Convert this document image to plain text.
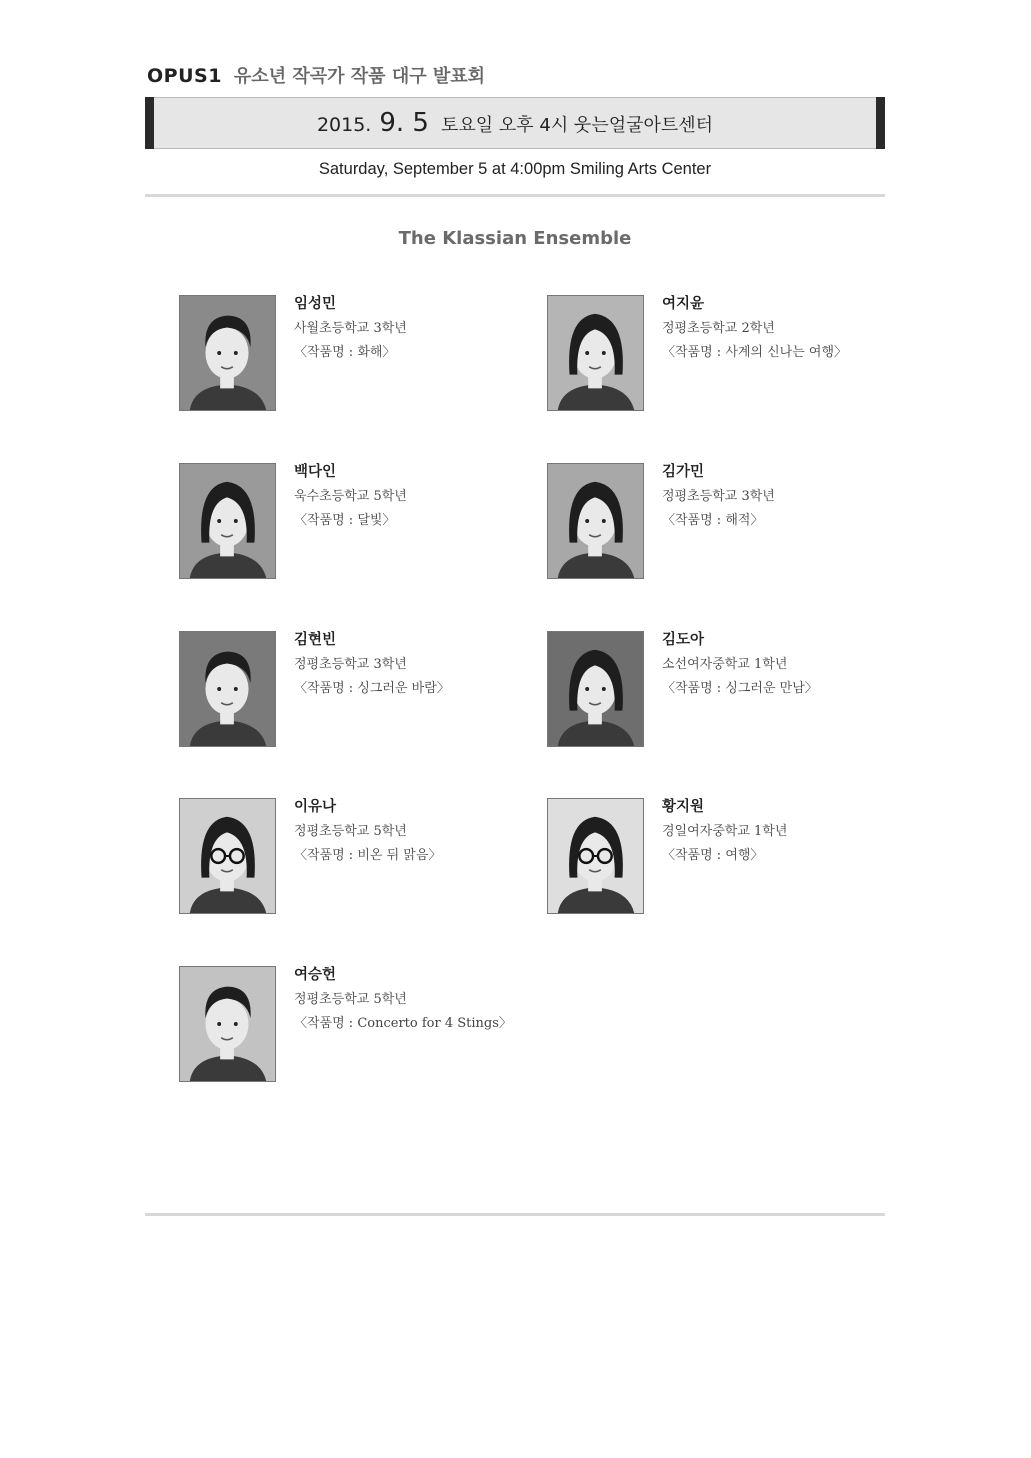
OPUS1 유소년 작곡가 작품 대구 발표회
2015. 9. 5 토요일 오후 4시 웃는얼굴아트센터
Saturday, September 5 at 4:00pm Smiling Arts Center
The Klassian Ensemble
임성민
사월초등학교 3학년
〈작품명 : 화해〉
여지윤
정평초등학교 2학년
〈작품명 : 사계의 신나는 여행〉
백다인
욱수초등학교 5학년
〈작품명 : 달빛〉
김가민
정평초등학교 3학년
〈작품명 : 해적〉
김현빈
정평초등학교 3학년
〈작품명 : 싱그러운 바람〉
김도아
소선여자중학교 1학년
〈작품명 : 싱그러운 만남〉
이유나
정평초등학교 5학년
〈작품명 : 비온 뒤 맑음〉
황지원
경일여자중학교 1학년
〈작품명 : 여행〉
여승헌
정평초등학교 5학년
〈작품명 : Concerto for 4 Stings〉
